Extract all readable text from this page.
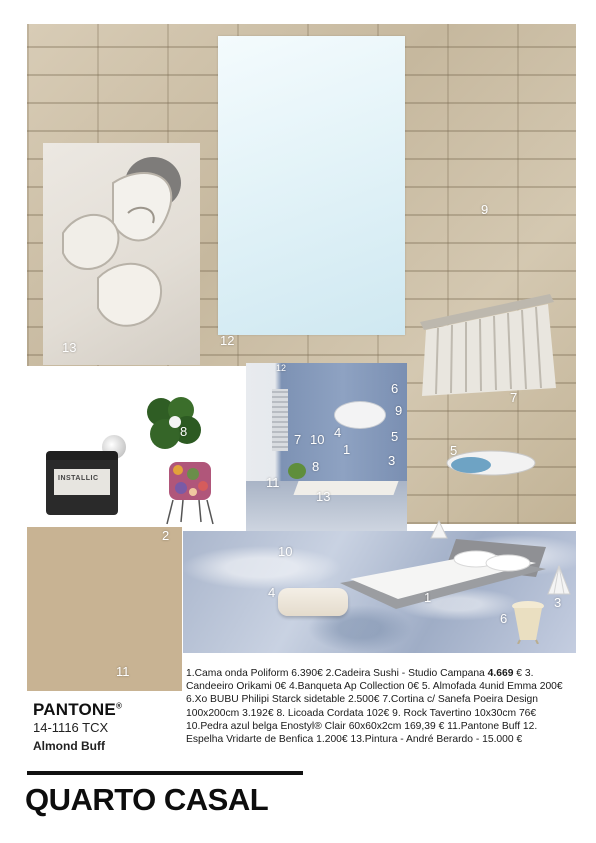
12
6
9
7 10 4
1
5
3
8
11
13
INSTALLIC
13	12
9
7
5
8
2
10
4	1	3
6
11
PANTONE®
14-1116 TCX
Almond Buff
1.Cama onda Poliform 6.390€ 2.Cadeira Sushi - Studio Campana 4.669 € 3. Candeeiro Orikami 0€ 4.Banqueta Ap Collection 0€ 5. Almofada 4unid Emma 200€ 6.Xo BUBU Philipi Starck sidetable 2.500€ 7.Cortina c/ Sanefa Poeira Design 100x200cm 3.192€ 8. Licoada Cordata 102€ 9. Rock Tavertino 10x30cm 76€ 10.Pedra azul belga Enostyl® Clair 60x60x2cm 169,39 € 11.Pantone Buff 12. Espelha Vridarte de Benfica 1.200€ 13.Pintura - André Berardo - 15.000 €
QUARTO CASAL
